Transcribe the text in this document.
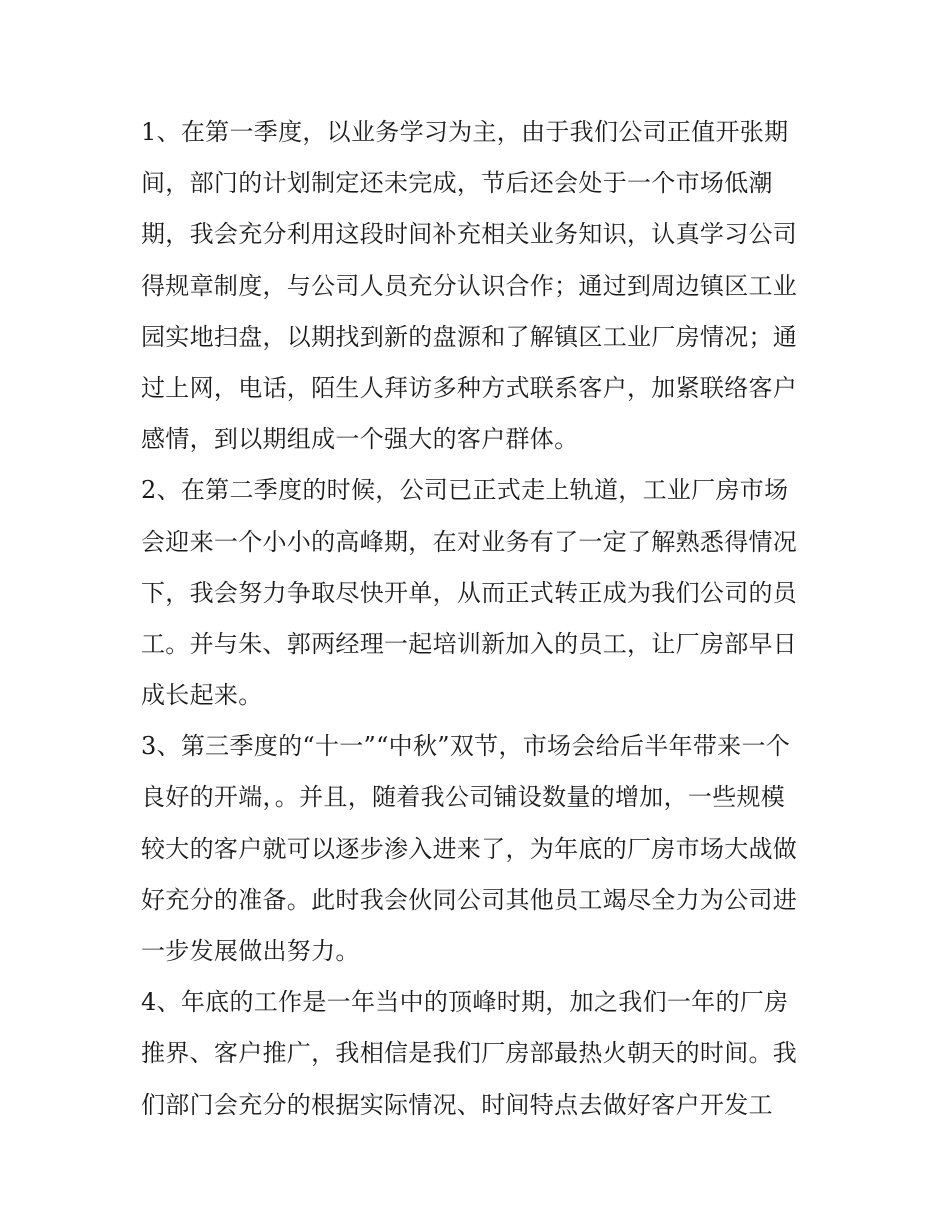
1、在第一季度，以业务学习为主，由于我们公司正值开张期
间，部门的计划制定还未完成，节后还会处于一个市场低潮
期，我会充分利用这段时间补充相关业务知识，认真学习公司
得规章制度，与公司人员充分认识合作；通过到周边镇区工业
园实地扫盘，以期找到新的盘源和了解镇区工业厂房情况；通
过上网，电话，陌生人拜访多种方式联系客户，加紧联络客户
感情，到以期组成一个强大的客户群体。
2、在第二季度的时候，公司已正式走上轨道，工业厂房市场
会迎来一个小小的高峰期，在对业务有了一定了解熟悉得情况
下，我会努力争取尽快开单，从而正式转正成为我们公司的员
工。并与朱、郭两经理一起培训新加入的员工，让厂房部早日
成长起来。
3、第三季度的“十一”“中秋”双节，市场会给后半年带来一个
良好的开端，。并且，随着我公司铺设数量的增加，一些规模
较大的客户就可以逐步渗入进来了，为年底的厂房市场大战做
好充分的准备。此时我会伙同公司其他员工竭尽全力为公司进
一步发展做出努力。
4、年底的工作是一年当中的顶峰时期，加之我们一年的厂房
推界、客户推广，我相信是我们厂房部最热火朝天的时间。我
们部门会充分的根据实际情况、时间特点去做好客户开发工
